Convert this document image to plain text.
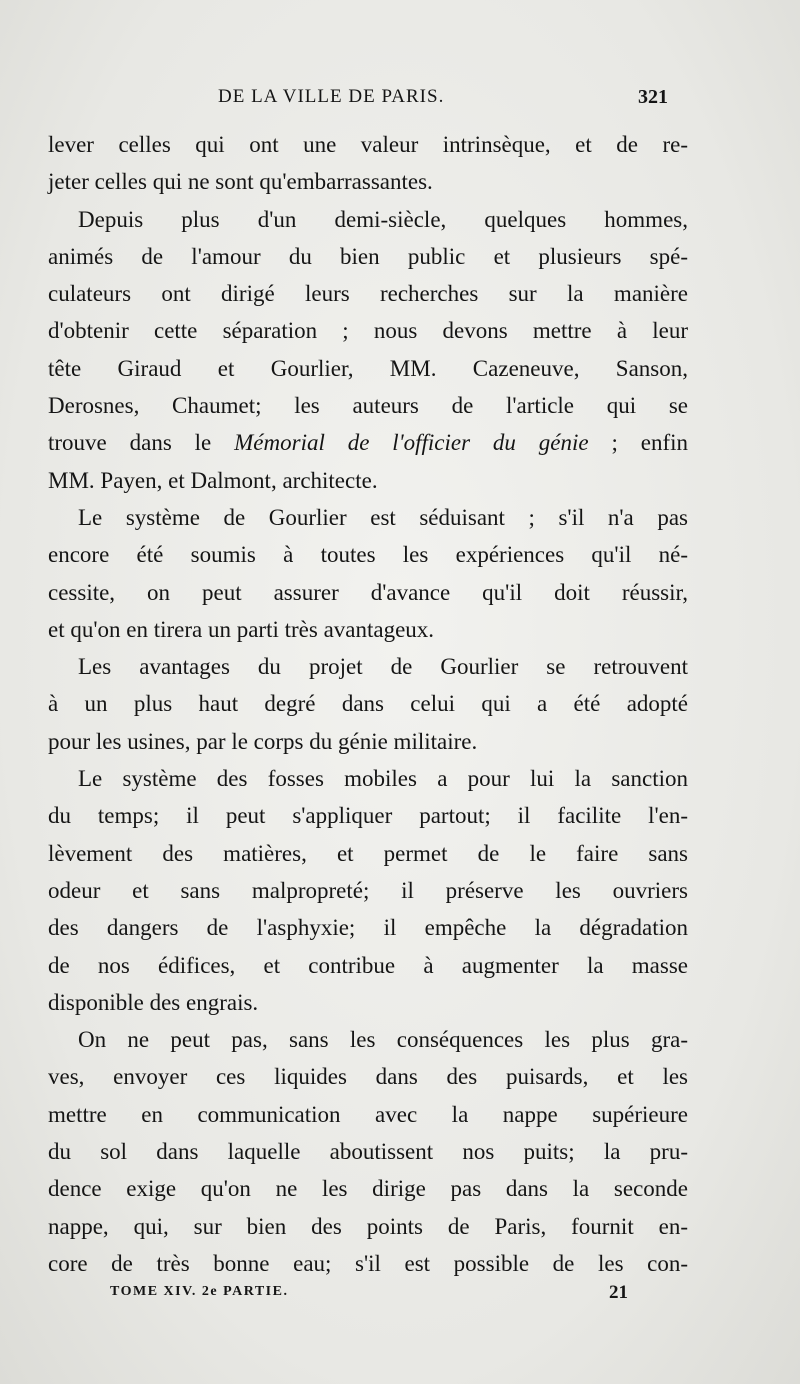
DE LA VILLE DE PARIS.	321
lever celles qui ont une valeur intrinsèque, et de re-
jeter celles qui ne sont qu'embarrassantes.
Depuis plus d'un demi-siècle, quelques hommes,
animés de l'amour du bien public et plusieurs spé-
culateurs ont dirigé leurs recherches sur la manière
d'obtenir cette séparation ; nous devons mettre à leur
tête Giraud et Gourlier, MM. Cazeneuve, Sanson,
Derosnes, Chaumet; les auteurs de l'article qui se
trouve dans le Mémorial de l'officier du génie ; enfin
MM. Payen, et Dalmont, architecte.
Le système de Gourlier est séduisant ; s'il n'a pas
encore été soumis à toutes les expériences qu'il né-
cessite, on peut assurer d'avance qu'il doit réussir,
et qu'on en tirera un parti très avantageux.
Les avantages du projet de Gourlier se retrouvent
à un plus haut degré dans celui qui a été adopté
pour les usines, par le corps du génie militaire.
Le système des fosses mobiles a pour lui la sanction
du temps; il peut s'appliquer partout; il facilite l'en-
lèvement des matières, et permet de le faire sans
odeur et sans malpropreté; il préserve les ouvriers
des dangers de l'asphyxie; il empêche la dégradation
de nos édifices, et contribue à augmenter la masse
disponible des engrais.
On ne peut pas, sans les conséquences les plus gra-
ves, envoyer ces liquides dans des puisards, et les
mettre en communication avec la nappe supérieure
du sol dans laquelle aboutissent nos puits; la pru-
dence exige qu'on ne les dirige pas dans la seconde
nappe, qui, sur bien des points de Paris, fournit en-
core de très bonne eau; s'il est possible de les con-
TOME XIV. 2e PARTIE.	21
